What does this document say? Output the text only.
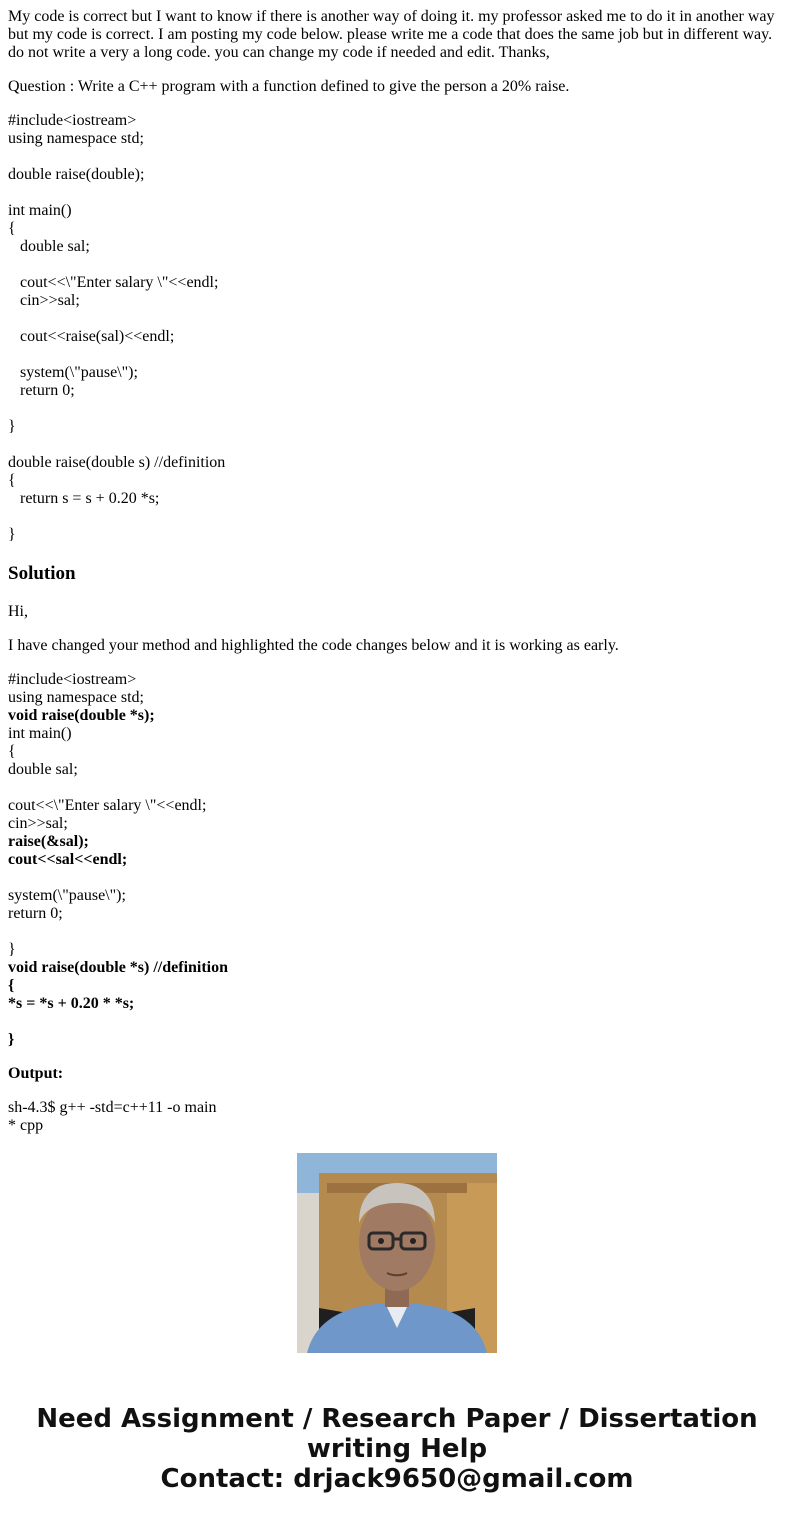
My code is correct but I want to know if there is another way of doing it. my professor asked me to do it in another way but my code is correct. I am posting my code below. please write me a code that does the same job but in different way. do not write a very a long code. you can change my code if needed and edit. Thanks,

Question : Write a C++ program with a function defined to give the person a 20% raise.

#include<iostream>
using namespace std;
double raise(double);
int main()
{
double sal;
cout<<\"Enter salary \"<<endl;
cin>>sal;
cout<<raise(sal)<<endl;
system(\"pause\");
return 0;
}
double raise(double s) //definition
{
return s = s + 0.20 *s;
}
Solution

Hi,

I have changed your method and highlighted the code changes below and it is working as early.

#include<iostream>
using namespace std;
void raise(double *s);
int main()
{
double sal;
cout<<\"Enter salary \"<<endl;
cin>>sal;
raise(&sal);
cout<<sal<<endl;
system(\"pause\");
return 0;
}
void raise(double *s) //definition
{
*s = *s + 0.20 * *s;
}

Output:

sh-4.3$ g++ -std=c++11 -o main
* cpp
Need Assignment / Research Paper / Dissertation
writing Help
Contact: drjack9650@gmail.com
